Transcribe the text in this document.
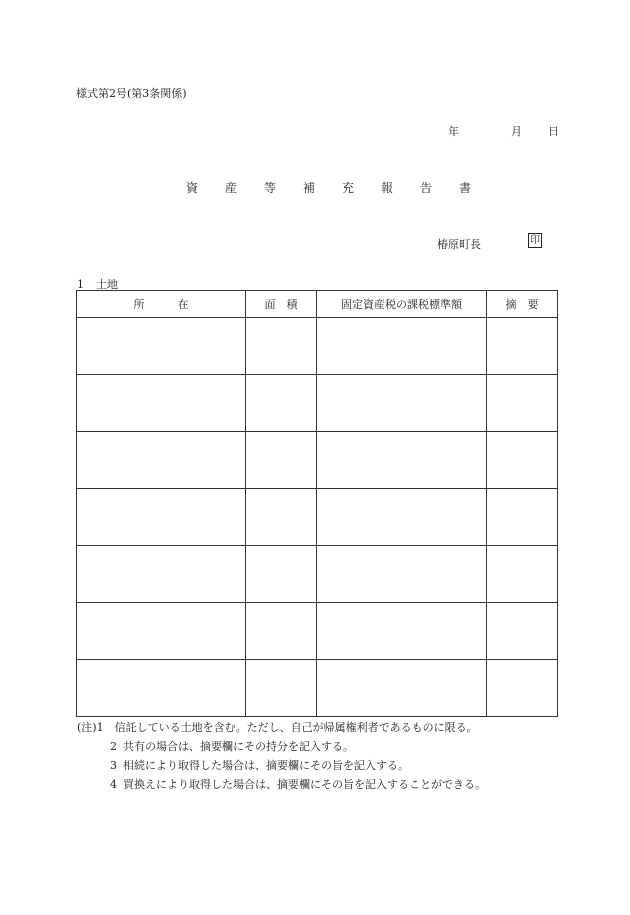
様式第2号(第3条関係)
年	月 日
資産等補充報告書
椿原町長	印
1 土地
所　　　在	面　積	固定資産税の課税標準額	摘　要

(注)1　 信託している土地を含む。ただし、自己が帰属権利者であるものに限る。
2 共有の場合は、摘要欄にその持分を記入する。
3 相続により取得した場合は、摘要欄にその旨を記入する。
4 買換えにより取得した場合は、摘要欄にその旨を記入することができる。
